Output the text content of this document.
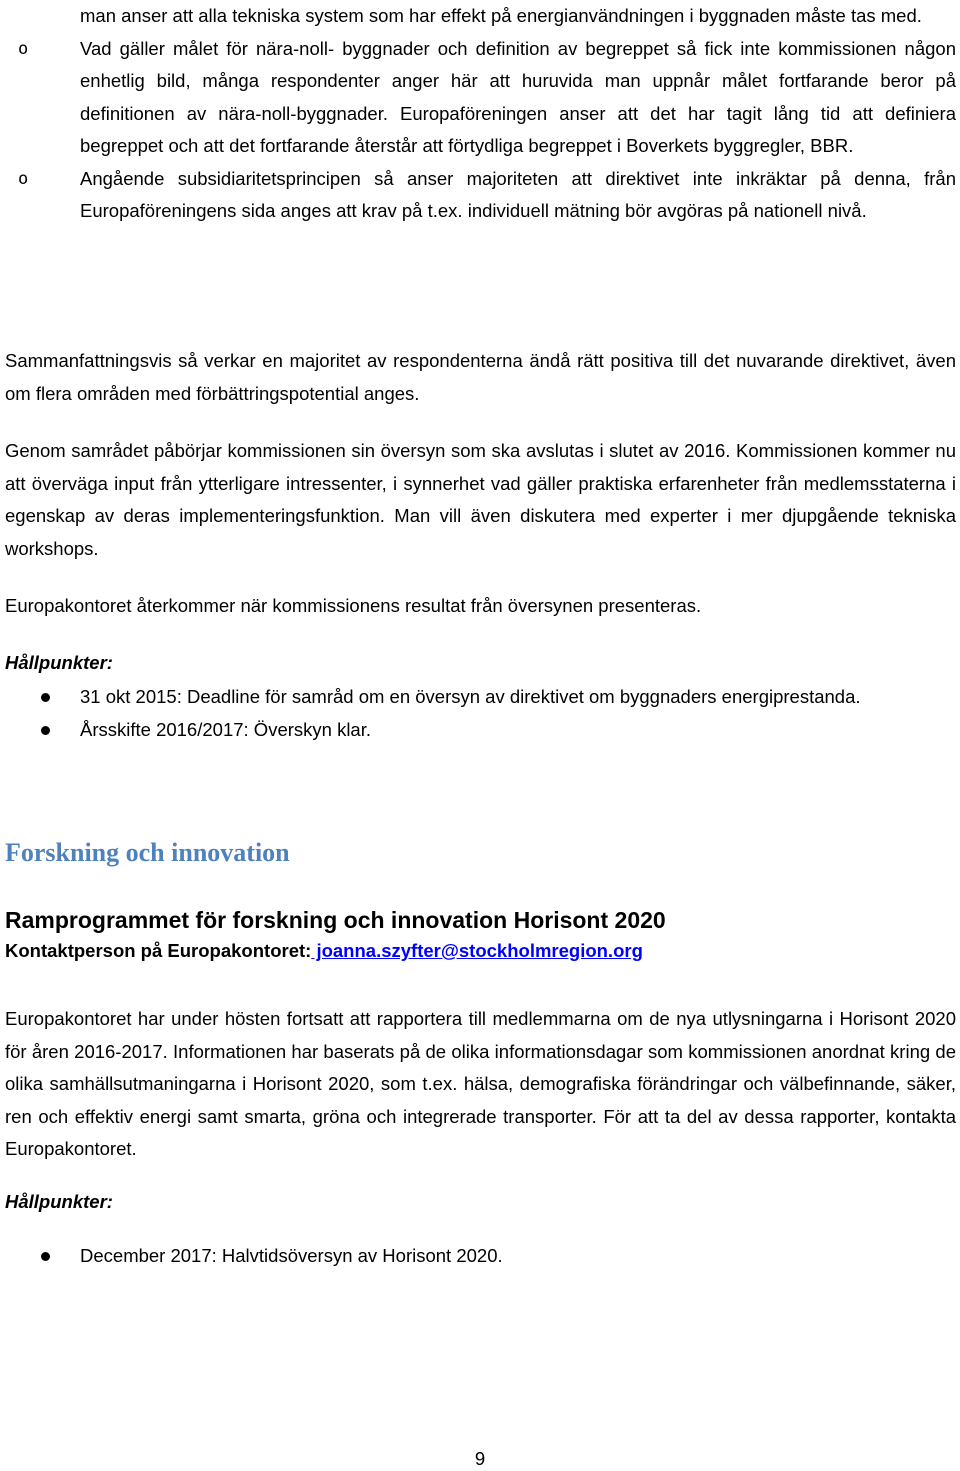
man anser att alla tekniska system som har effekt på energianvändningen i byggnaden måste tas med.

o	Vad gäller målet för nära-noll- byggnader och definition av begreppet så fick inte kommissionen någon enhetlig bild, många respondenter anger här att huruvida man uppnår målet fortfarande beror på definitionen av nära-noll-byggnader. Europaföreningen anser att det har tagit lång tid att definiera begreppet och att det fortfarande återstår att förtydliga begreppet i Boverkets byggregler, BBR.
o	Angående subsidiaritetsprincipen så anser majoriteten att direktivet inte inkräktar på denna, från Europaföreningens sida anges att krav på t.ex. individuell mätning bör avgöras på nationell nivå.

Sammanfattningsvis så verkar en majoritet av respondenterna ändå rätt positiva till det nuvarande direktivet, även om flera områden med förbättringspotential anges.

Genom samrådet påbörjar kommissionen sin översyn som ska avslutas i slutet av 2016. Kommissionen kommer nu att överväga input från ytterligare intressenter, i synnerhet vad gäller praktiska erfarenheter från medlemsstaterna i egenskap av deras implementeringsfunktion. Man vill även diskutera med experter i mer djupgående tekniska workshops.

Europakontoret återkommer när kommissionens resultat från översynen presenteras.

Hållpunkter:

31 okt 2015: Deadline för samråd om en översyn av direktivet om byggnaders energiprestanda.
Årsskifte 2016/2017: Överskyn klar.
Forskning och innovation
Ramprogrammet för forskning och innovation Horisont 2020

Kontaktperson på Europakontoret: joanna.szyfter@stockholmregion.org

Europakontoret har under hösten fortsatt att rapportera till medlemmarna om de nya utlysningarna i Horisont 2020 för åren 2016-2017. Informationen har baserats på de olika informationsdagar som kommissionen anordnat kring de olika samhällsutmaningarna i Horisont 2020, som t.ex. hälsa, demografiska förändringar och välbefinnande, säker, ren och effektiv energi samt smarta, gröna och integrerade transporter. För att ta del av dessa rapporter, kontakta Europakontoret.

Hållpunkter:

December 2017: Halvtidsöversyn av Horisont 2020.

9
